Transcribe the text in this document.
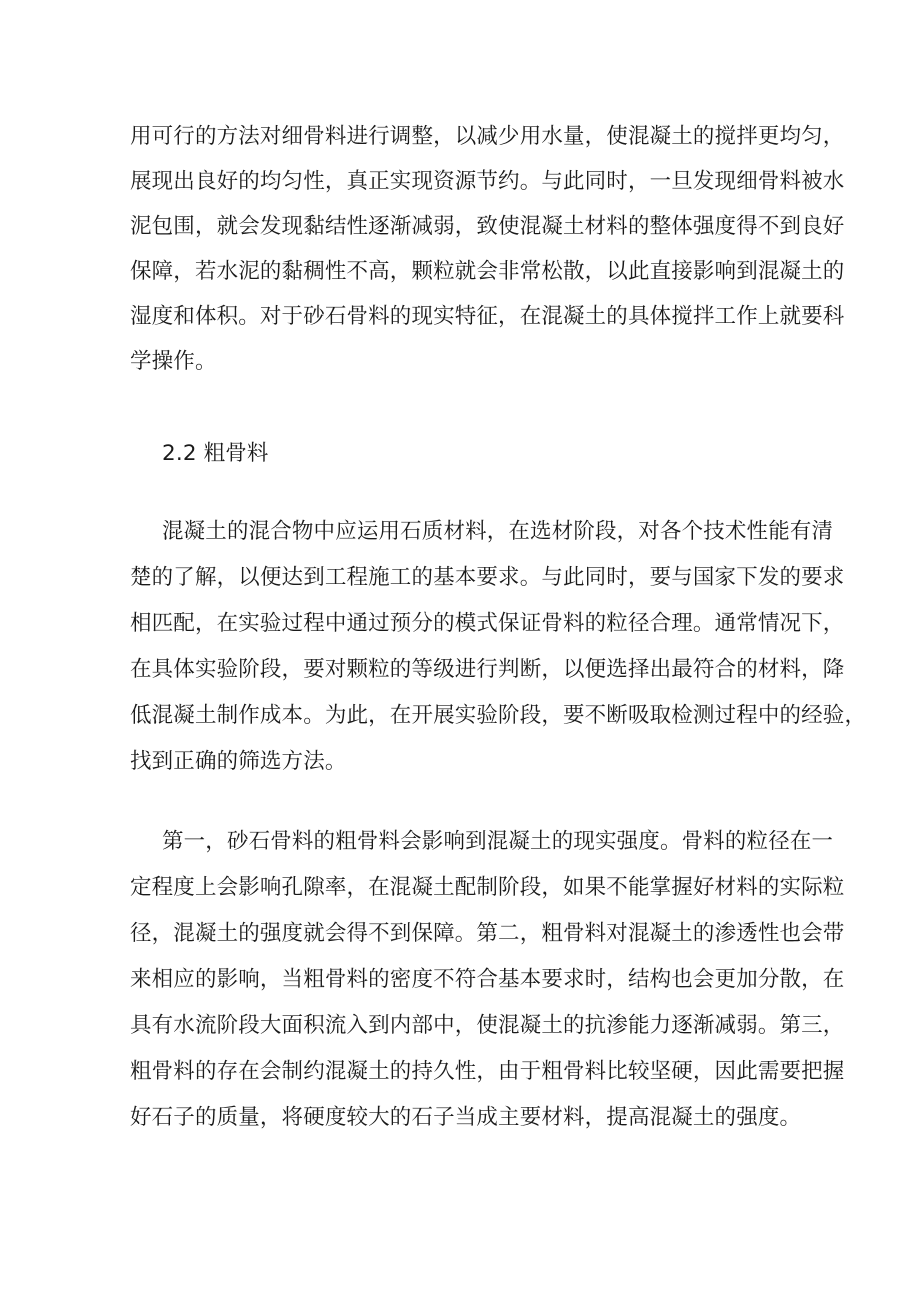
用可行的方法对细骨料进行调整，以减少用水量，使混凝土的搅拌更均匀，
展现出良好的均匀性，真正实现资源节约。与此同时，一旦发现细骨料被水
泥包围，就会发现黏结性逐渐减弱，致使混凝土材料的整体强度得不到良好
保障，若水泥的黏稠性不高，颗粒就会非常松散，以此直接影响到混凝土的
湿度和体积。对于砂石骨料的现实特征，在混凝土的具体搅拌工作上就要科
学操作。
2.2 粗骨料
混凝土的混合物中应运用石质材料，在选材阶段，对各个技术性能有清
楚的了解，以便达到工程施工的基本要求。与此同时，要与国家下发的要求
相匹配，在实验过程中通过预分的模式保证骨料的粒径合理。通常情况下，
在具体实验阶段，要对颗粒的等级进行判断，以便选择出最符合的材料，降
低混凝土制作成本。为此，在开展实验阶段，要不断吸取检测过程中的经验，
找到正确的筛选方法。
第一，砂石骨料的粗骨料会影响到混凝土的现实强度。骨料的粒径在一
定程度上会影响孔隙率，在混凝土配制阶段，如果不能掌握好材料的实际粒
径，混凝土的强度就会得不到保障。第二，粗骨料对混凝土的渗透性也会带
来相应的影响，当粗骨料的密度不符合基本要求时，结构也会更加分散，在
具有水流阶段大面积流入到内部中，使混凝土的抗渗能力逐渐减弱。第三，
粗骨料的存在会制约混凝土的持久性，由于粗骨料比较坚硬，因此需要把握
好石子的质量，将硬度较大的石子当成主要材料，提高混凝土的强度。
